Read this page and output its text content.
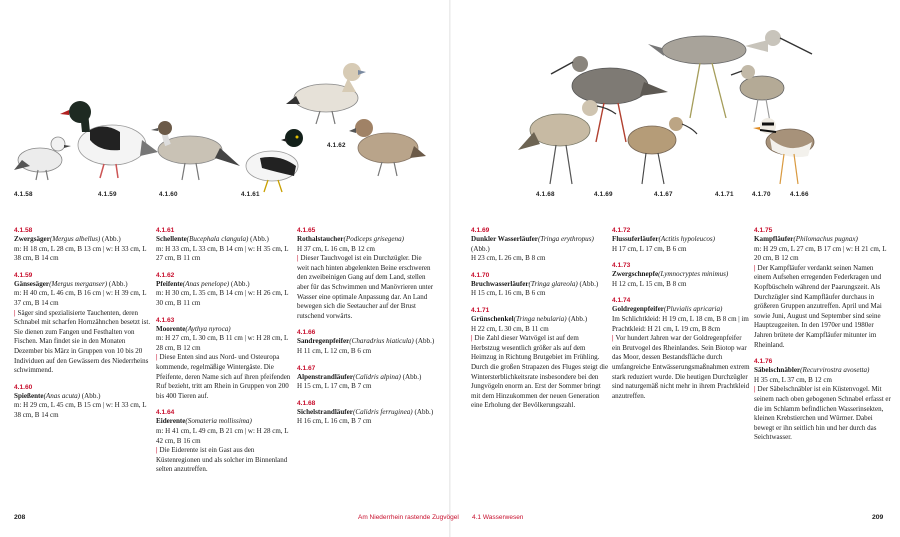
4.1.58	4.1.59	4.1.60	4.1.61
4.1.62
4.1.68	4.1.69	4.1.67	4.1.71	4.1.70	4.1.66
4.1.58
Zwergsäger(Mergus albellus) (Abb.)
m: H 18 cm, L 28 cm, B 13 cm | w: H 33 cm, L 38 cm, B 14 cm
4.1.59
Gänsesäger(Mergus merganser) (Abb.)
m: H 40 cm, L 46 cm, B 16 cm | w: H 39 cm, L 37 cm, B 14 cm
| Säger sind spezialisierte Tauchenten, deren Schnabel mit scharfen Hornzähnchen besetzt ist. Sie dienen zum Fangen und Festhalten von Fischen. Man findet sie in den Monaten Dezember bis März in Gruppen von 10 bis 20 Individuen auf den Gewässern des Niederrheins schwimmend.
4.1.60
Spießente(Anas acuta) (Abb.)
m: H 29 cm, L 45 cm, B 15 cm | w: H 33 cm, L 38 cm, B 14 cm
4.1.61
Schellente(Bucephala clangula) (Abb.)
m: H 33 cm, L 33 cm, B 14 cm | w: H 35 cm, L 27 cm, B 11 cm
4.1.62
Pfeifente(Anas penelope) (Abb.)
m: H 30 cm, L 35 cm, B 14 cm | w: H 26 cm, L 30 cm, B 11 cm
4.1.63
Moorente(Aythya nyroca)
m: H 27 cm, L 30 cm, B 11 cm | w: H 28 cm, L 28 cm, B 12 cm
| Diese Enten sind aus Nord- und Osteuropa kommende, regelmäßige Wintergäste. Die Pfeifente, deren Name sich auf ihren pfeifenden Ruf bezieht, tritt am Rhein in Gruppen von 200 bis 400 Tieren auf.
4.1.64
Eiderente(Somateria mollissima)
m: H 41 cm, L 49 cm, B 21 cm | w: H 28 cm, L 42 cm, B 16 cm
| Die Eiderente ist ein Gast aus den Küstenregionen und als solcher im Binnenland selten anzutreffen.
4.1.65
Rothalstaucher(Podiceps grisegena)
H 37 cm, L 16 cm, B 12 cm
| Dieser Tauchvogel ist ein Durchzügler. Die weit nach hinten abgelenkten Beine erschweren den zweibeinigen Gang auf dem Land, stellen aber für das Schwimmen und Manövrieren unter Wasser eine optimale Anpassung dar. An Land bewegen sich die Seetaucher auf der Brust rutschend vorwärts.
4.1.66
Sandregenpfeifer(Charadrius hiaticula) (Abb.)
H 11 cm, L 12 cm, B 6 cm
4.1.67
Alpenstrandläufer(Calidris alpina) (Abb.)
H 15 cm, L 17 cm, B 7 cm
4.1.68
Sichelstrandläufer(Calidris ferruginea) (Abb.)
H 16 cm, L 16 cm, B 7 cm
4.1.69
Dunkler Wasserläufer(Tringa erythropus) (Abb.)
H 23 cm, L 26 cm, B 8 cm
4.1.70
Bruchwasserläufer(Tringa glareola) (Abb.)
H 15 cm, L 16 cm, B 6 cm
4.1.71
Grünschenkel(Tringa nebularia) (Abb.)
H 22 cm, L 30 cm, B 11 cm
| Die Zahl dieser Watvögel ist auf dem Herbstzug wesentlich größer als auf dem Heimzug in Richtung Brutgebiet im Frühling. Durch die großen Strapazen des Fluges steigt die Wintersterblichkeitsrate insbesondere bei den Jungvögeln enorm an. Erst der Sommer bringt mit dem Hinzukommen der neuen Generation eine Erholung der Bevölkerungszahl.
4.1.72
Flussuferläufer(Actitis hypoleucos)
H 17 cm, L 17 cm, B 6 cm
4.1.73
Zwergschnepfe(Lymnocryptes minimus)
H 12 cm, L 15 cm, B 8 cm
4.1.74
Goldregenpfeifer(Pluvialis apricaria)
Im Schlichtkleid: H 19 cm, L 18 cm, B 8 cm | im Prachtkleid: H 21 cm, L 19 cm, B 8cm
| Vor hundert Jahren war der Goldregenpfeifer ein Brutvogel des Rheinlandes. Sein Biotop war das Moor, dessen Bestandsfläche durch umfangreiche Entwässerungsmaßnahmen extrem stark reduziert wurde. Die heutigen Durchzügler sind naturgemäß nicht mehr in ihrem Prachtkleid anzutreffen.
4.1.75
Kampfläufer(Philomachus pugnax)
m: H 29 cm, L 27 cm, B 17 cm | w: H 21 cm, L 20 cm, B 12 cm
| Der Kampfläufer verdankt seinen Namen einem Aufsehen erregenden Federkragen und Kopfbüscheln während der Paarungszeit. Als Durchzügler sind Kampfläufer durchaus in größeren Gruppen anzutreffen. April und Mai sowie Juni, August und September sind seine Hauptzugzeiten. In den 1970er und 1980er Jahren brütete der Kampfläufer mitunter im Rheinland.
4.1.76
Säbelschnäbler(Recurvirostra avosetta)
H 35 cm, L 37 cm, B 12 cm
| Der Säbelschnäbler ist ein Küstenvogel. Mit seinem nach oben gebogenen Schnabel erfasst er die im Schlamm befindlichen Wasserinsekten, kleinen Krebstierchen und Würmer. Dabei bewegt er ihn seitlich hin und her durch das Seichtwasser.
208	Am Niederrhein rastende Zugvögel 4.1 Wasserwesen	209
